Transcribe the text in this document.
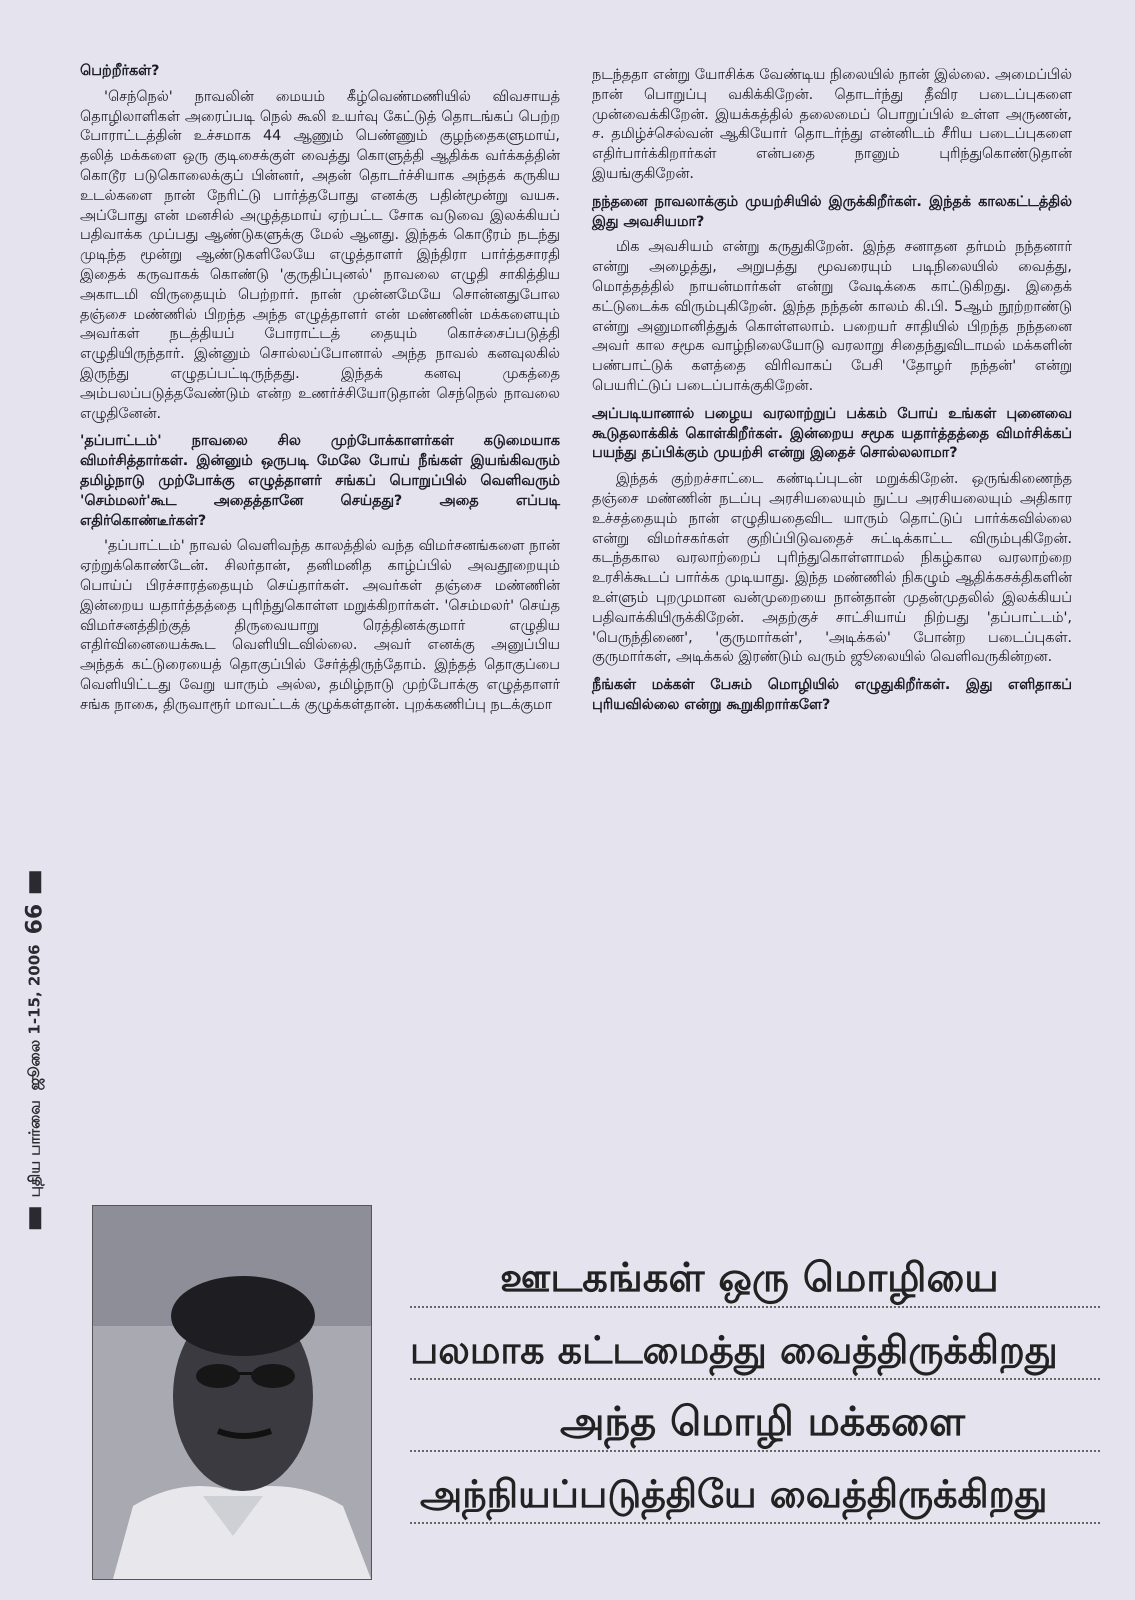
புதிய பார்வை
ஜூலை 1-15, 2006
66

பெற்றீர்கள்?

'செந்நெல்' நாவலின் மையம் கீழ்வெண்மணியில் விவசாயத் தொழிலாளிகள் அரைப்படி நெல் கூலி உயர்வு கேட்டுத் தொடங்கப் பெற்ற போராட்டத்தின் உச்சமாக 44 ஆணும் பெண்ணும் குழந்தைகளுமாய், தலித் மக்களை ஒரு குடிசைக்குள் வைத்து கொளுத்தி ஆதிக்க வர்க்கத்தின் கொடூர படுகொலைக்குப் பின்னர், அதன் தொடர்ச்சியாக அந்தக் கருகிய உடல்களை நான் நேரிட்டு பார்த்தபோது எனக்கு பதின்மூன்று வயசு. அப்போது என் மனசில் அழுத்தமாய் ஏற்பட்ட சோக வடுவை இலக்கியப் பதிவாக்க முப்பது ஆண்டுகளுக்கு மேல் ஆனது. இந்தக் கொடூரம் நடந்து முடிந்த மூன்று ஆண்டுகளிலேயே எழுத்தாளர் இந்திரா பார்த்தசாரதி இதைக் கருவாகக் கொண்டு 'குருதிப்புனல்' நாவலை எழுதி சாகித்திய அகாடமி விருதையும் பெற்றார். நான் முன்னமேயே சொன்னதுபோல தஞ்சை மண்ணில் பிறந்த அந்த எழுத்தாளர் என் மண்ணின் மக்களையும் அவர்கள் நடத்தியப் போராட்டத் தையும் கொச்சைப்படுத்தி எழுதியிருந்தார். இன்னும் சொல்லப்போனால் அந்த நாவல் கனவுலகில் இருந்து எழுதப்பட்டிருந்தது. இந்தக் கனவு முகத்தை அம்பலப்படுத்தவேண்டும் என்ற உணர்ச்சியோடுதான் செந்நெல் நாவலை எழுதினேன்.

'தப்பாட்டம்' நாவலை சில முற்போக்காளர்கள் கடுமையாக விமர்சித்தார்கள். இன்னும் ஒருபடி மேலே போய் நீங்கள் இயங்கிவரும் தமிழ்நாடு முற்போக்கு எழுத்தாளர் சங்கப் பொறுப்பில் வெளிவரும் 'செம்மலர்'கூட அதைத்தானே செய்தது? அதை எப்படி எதிர்கொண்டீர்கள்?

'தப்பாட்டம்' நாவல் வெளிவந்த காலத்தில் வந்த விமர்சனங்களை நான் ஏற்றுக்கொண்டேன். சிலர்தான், தனிமனித காழ்ப்பில் அவதூறையும் பொய்ப் பிரச்சாரத்தையும் செய்தார்கள். அவர்கள் தஞ்சை மண்ணின் இன்றைய யதார்த்தத்தை புரிந்துகொள்ள மறுக்கிறார்கள். 'செம்மலர்' செய்த விமர்சனத்திற்குத் திருவையாறு ரெத்தினக்குமார் எழுதிய எதிர்வினையைக்கூட வெளியிடவில்லை. அவர் எனக்கு அனுப்பிய அந்தக் கட்டுரையைத் தொகுப்பில் சேர்த்திருந்தோம். இந்தத் தொகுப்பை வெளியிட்டது வேறு யாரும் அல்ல, தமிழ்நாடு முற்போக்கு எழுத்தாளர் சங்க நாகை, திருவாரூர் மாவட்டக் குழுக்கள்தான். புறக்கணிப்பு நடக்குமா

நடந்ததா என்று யோசிக்க வேண்டிய நிலையில் நான் இல்லை. அமைப்பில் நான் பொறுப்பு வகிக்கிறேன். தொடர்ந்து தீவிர படைப்புகளை முன்வைக்கிறேன். இயக்கத்தில் தலைமைப் பொறுப்பில் உள்ள அருணன், ச. தமிழ்ச்செல்வன் ஆகியோர் தொடர்ந்து என்னிடம் சீரிய படைப்புகளை எதிர்பார்க்கிறார்கள் என்பதை நானும் புரிந்துகொண்டுதான் இயங்குகிறேன்.

நந்தனை நாவலாக்கும் முயற்சியில் இருக்கிறீர்கள். இந்தக் காலகட்டத்தில் இது அவசியமா?

மிக அவசியம் என்று கருதுகிறேன். இந்த சனாதன தர்மம் நந்தனார் என்று அழைத்து, அறுபத்து மூவரையும் படிநிலையில் வைத்து, மொத்தத்தில் நாயன்மார்கள் என்று வேடிக்கை காட்டுகிறது. இதைக் கட்டுடைக்க விரும்புகிறேன். இந்த நந்தன் காலம் கி.பி. 5ஆம் நூற்றாண்டு என்று அனுமானித்துக் கொள்ளலாம். பறையர் சாதியில் பிறந்த நந்தனை அவர் கால சமூக வாழ்நிலையோடு வரலாறு சிதைந்துவிடாமல் மக்களின் பண்பாட்டுக் களத்தை விரிவாகப் பேசி 'தோழர் நந்தன்' என்று பெயரிட்டுப் படைப்பாக்குகிறேன்.

அப்படியானால் பழைய வரலாற்றுப் பக்கம் போய் உங்கள் புனைவை கூடுதலாக்கிக் கொள்கிறீர்கள். இன்றைய சமூக யதார்த்தத்தை விமர்சிக்கப் பயந்து தப்பிக்கும் முயற்சி என்று இதைச் சொல்லலாமா?

இந்தக் குற்றச்சாட்டை கண்டிப்புடன் மறுக்கிறேன். ஒருங்கிணைந்த தஞ்சை மண்ணின் நடப்பு அரசியலையும் நுட்ப அரசியலையும் அதிகார உச்சத்தையும் நான் எழுதியதைவிட யாரும் தொட்டுப் பார்க்கவில்லை என்று விமர்சகர்கள் குறிப்பிடுவதைச் சுட்டிக்காட்ட விரும்புகிறேன். கடந்தகால வரலாற்றைப் புரிந்துகொள்ளாமல் நிகழ்கால வரலாற்றை உரசிக்கூடப் பார்க்க முடியாது. இந்த மண்ணில் நிகழும் ஆதிக்கசக்திகளின் உள்ளும் புறமுமான வன்முறையை நான்தான் முதன்முதலில் இலக்கியப் பதிவாக்கியிருக்கிறேன். அதற்குச் சாட்சியாய் நிற்பது 'தப்பாட்டம்', 'பெருந்திணை', 'குருமார்கள்', 'அடிக்கல்' போன்ற படைப்புகள். குருமார்கள், அடிக்கல் இரண்டும் வரும் ஜூலையில் வெளிவருகின்றன.

நீங்கள் மக்கள் பேசும் மொழியில் எழுதுகிறீர்கள். இது எளிதாகப் புரியவில்லை என்று கூறுகிறார்களே?

ஊடகங்கள் ஒரு மொழியை
பலமாக கட்டமைத்து வைத்திருக்கிறது
அந்த மொழி மக்களை
அந்நியப்படுத்தியே வைத்திருக்கிறது
